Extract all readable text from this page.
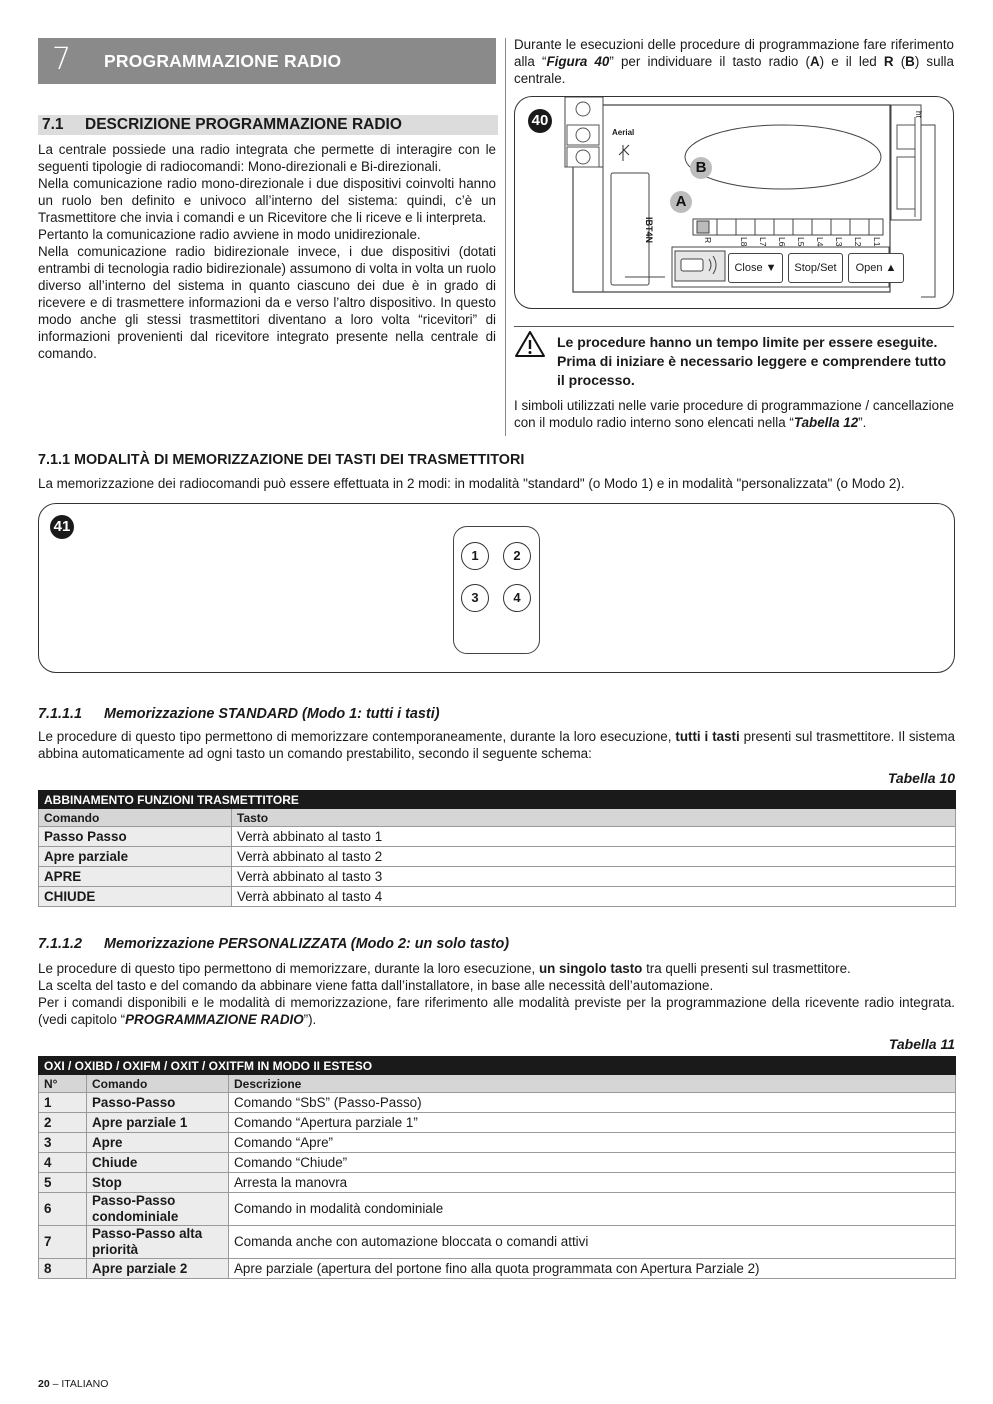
7 PROGRAMMAZIONE RADIO
7.1 DESCRIZIONE PROGRAMMAZIONE RADIO

La centrale possiede una radio integrata che permette di interagire con le seguenti tipologie di radiocomandi: Mono-direzionali e Bi-direzionali.

Nella comunicazione radio mono-direzionale i due dispositivi coinvolti hanno un ruolo ben definito e univoco all’interno del sistema: quindi, c’è un Trasmettitore che invia i comandi e un Ricevitore che li riceve e li interpreta.

Pertanto la comunicazione radio avviene in modo unidirezionale.

Nella comunicazione radio bidirezionale invece, i due dispositivi (dotati entrambi di tecnologia radio bidirezionale) assumono di volta in volta un ruolo diverso all’interno del sistema in quanto ciascuno dei due è in grado di ricevere e di trasmettere informazioni da e verso l’altro dispositivo. In questo modo anche gli stessi trasmettitori diventano a loro volta “ricevitori” di informazioni provenienti dal ricevitore integrato presente nella centrale di comando.

Durante le esecuzioni delle procedure di programmazione fare riferimento alla “Figura 40” per individuare il tasto radio (A) e il led R (B) sulla centrale.

40
Aerial
IBT4N
ht
B
A
R	L8 L7 L6 L5 L4 L3 L2 L1
Close ▼	Stop/Set	Open ▲
Le procedure hanno un tempo limite per essere eseguite. Prima di iniziare è necessario leggere e comprendere tutto il processo.

I simboli utilizzati nelle varie procedure di programmazione / cancellazione con il modulo radio interno sono elencati nella “Tabella 12”.

7.1.1 MODALITÀ DI MEMORIZZAZIONE DEI TASTI DEI TRASMETTITORI

La memorizzazione dei radiocomandi può essere effettuata in 2 modi: in modalità "standard" (o Modo 1) e in modalità "personalizzata" (o Modo 2).

41
1	2
3	4
7.1.1.1 Memorizzazione STANDARD (Modo 1: tutti i tasti)

Le procedure di questo tipo permettono di memorizzare contemporaneamente, durante la loro esecuzione, tutti i tasti presenti sul trasmettitore. Il sistema abbina automaticamente ad ogni tasto un comando prestabilito, secondo il seguente schema:

Tabella 10
ABBINAMENTO FUNZIONI TRASMETTITORE	
Comando	Tasto
Passo Passo	Verrà abbinato al tasto 1
Apre parziale	Verrà abbinato al tasto 2
APRE	Verrà abbinato al tasto 3
CHIUDE	Verrà abbinato al tasto 4
7.1.1.2 Memorizzazione PERSONALIZZATA (Modo 2: un solo tasto)

Le procedure di questo tipo permettono di memorizzare, durante la loro esecuzione, un singolo tasto tra quelli presenti sul trasmettitore.

La scelta del tasto e del comando da abbinare viene fatta dall’installatore, in base alle necessità dell’automazione.

Per i comandi disponibili e le modalità di memorizzazione, fare riferimento alle modalità previste per la programmazione della ricevente radio integrata. (vedi capitolo “PROGRAMMAZIONE RADIO”).

Tabella 11
OXI / OXIBD / OXIFM / OXIT / OXITFM IN MODO II ESTESO		
N°	Comando	Descrizione
1	Passo-Passo	Comando “SbS” (Passo-Passo)
2	Apre parziale 1	Comando “Apertura parziale 1”
3	Apre	Comando “Apre”
4	Chiude	Comando “Chiude”
5	Stop	Arresta la manovra
6	Passo-Passo condominiale	Comando in modalità condominiale
7	Passo-Passo alta priorità	Comanda anche con automazione bloccata o comandi attivi
8	Apre parziale 2	Apre parziale (apertura del portone fino alla quota programmata con Apertura Parziale 2)
20 – ITALIANO
